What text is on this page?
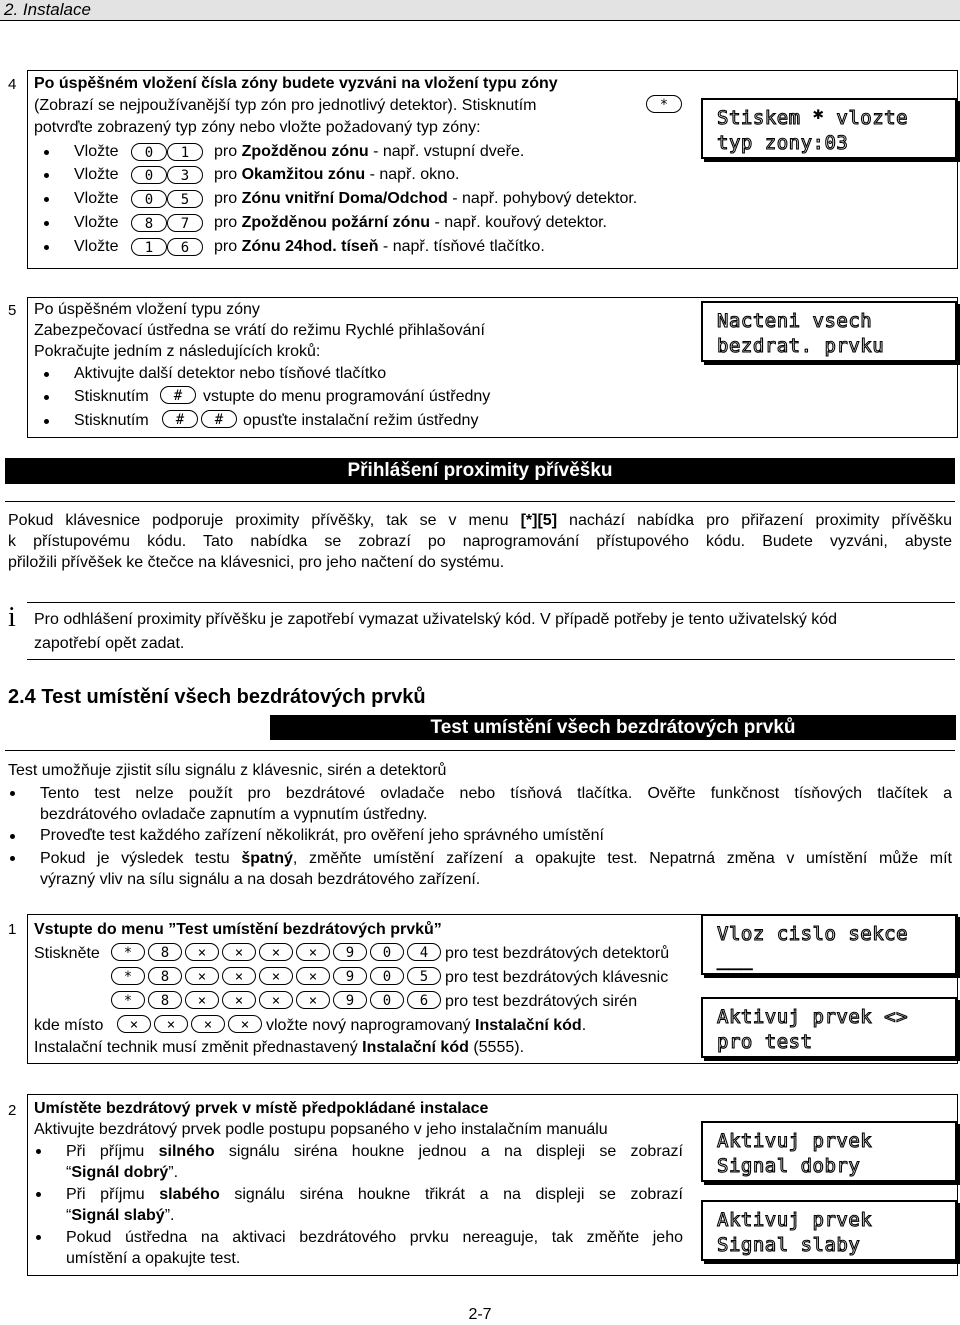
2. Instalace
4 Po úspěšném vložení čísla zóny budete vyzváni na vložení typu zóny
(Zobrazí se nejpoužívanější typ zón pro jednotlivý detektor). Stisknutím	*
potvrďte zobrazený typ zóny nebo vložte požadovaný typ zóny:
Vložte	0	1	pro Zpožděnou zónu - např. vstupní dveře.
Vložte	0	3	pro Okamžitou zónu - např. okno.
Vložte	0	5	pro Zónu vnitřní Doma/Odchod - např. pohybový detektor.
Vložte	8	7	pro Zpožděnou požární zónu - např. kouřový detektor.
Vložte	1	6	pro Zónu 24hod. tíseň - např. tísňové tlačítko.
Stiskem * vlozte
typ zony:03
5 Po úspěšném vložení typu zóny
Zabezpečovací ústředna se vrátí do režimu Rychlé přihlašování
Pokračujte jedním z následujících kroků:
Aktivujte další detektor nebo tísňové tlačítko
Stisknutím	#	vstupte do menu programování ústředny
Stisknutím	#	#	opusťte instalační režim ústředny
Nacteni vsech
bezdrat. prvku
Přihlášení proximity přívěšku
Pokud klávesnice podporuje proximity přívěšky, tak se v menu [*][5] nachází nabídka pro přiřazení proximity přívěšku
k přístupovému kódu. Tato nabídka se zobrazí po naprogramování přístupového kódu. Budete vyzváni, abyste
přiložili přívěšek ke čtečce na klávesnici, pro jeho načtení do systému.
i Pro odhlášení proximity přívěšku je zapotřebí vymazat uživatelský kód. V případě potřeby je tento uživatelský kód
zapotřebí opět zadat.
2.4 Test umístění všech bezdrátových prvků
Test umístění všech bezdrátových prvků
Test umožňuje zjistit sílu signálu z klávesnic, sirén a detektorů
Tento test nelze použít pro bezdrátové ovladače nebo tísňová tlačítka. Ověřte funkčnost tísňových tlačítek a
bezdrátového ovladače zapnutím a vypnutím ústředny.
Proveďte test každého zařízení několikrát, pro ověření jeho správného umístění
Pokud je výsledek testu špatný, změňte umístění zařízení a opakujte test. Nepatrná změna v umístění může mít
výrazný vliv na sílu signálu a na dosah bezdrátového zařízení.
1 Vstupte do menu ”Test umístění bezdrátových prvků”
Stiskněte	* 8 × × × × 9 0 4	pro test bezdrátových detektorů
* 8 × × × × 9 0 5	pro test bezdrátových klávesnic
* 8 × × × × 9 0 6	pro test bezdrátových sirén
kde místo	× × × ×	vložte nový naprogramovaný Instalační kód.
Instalační technik musí změnit přednastavený Instalační kód (5555).
Vloz cislo sekce
___
Aktivuj prvek <>
pro test
2 Umístěte bezdrátový prvek v místě předpokládané instalace
Aktivujte bezdrátový prvek podle postupu popsaného v jeho instalačním manuálu
Při příjmu silného signálu siréna houkne jednou a na displeji se zobrazí
“Signál dobrý”.
Při příjmu slabého signálu siréna houkne třikrát a na displeji se zobrazí
“Signál slabý”.
Pokud ústředna na aktivaci bezdrátového prvku nereaguje, tak změňte jeho
umístění a opakujte test.
Aktivuj prvek
Signal dobry
Aktivuj prvek
Signal slaby
2-7
